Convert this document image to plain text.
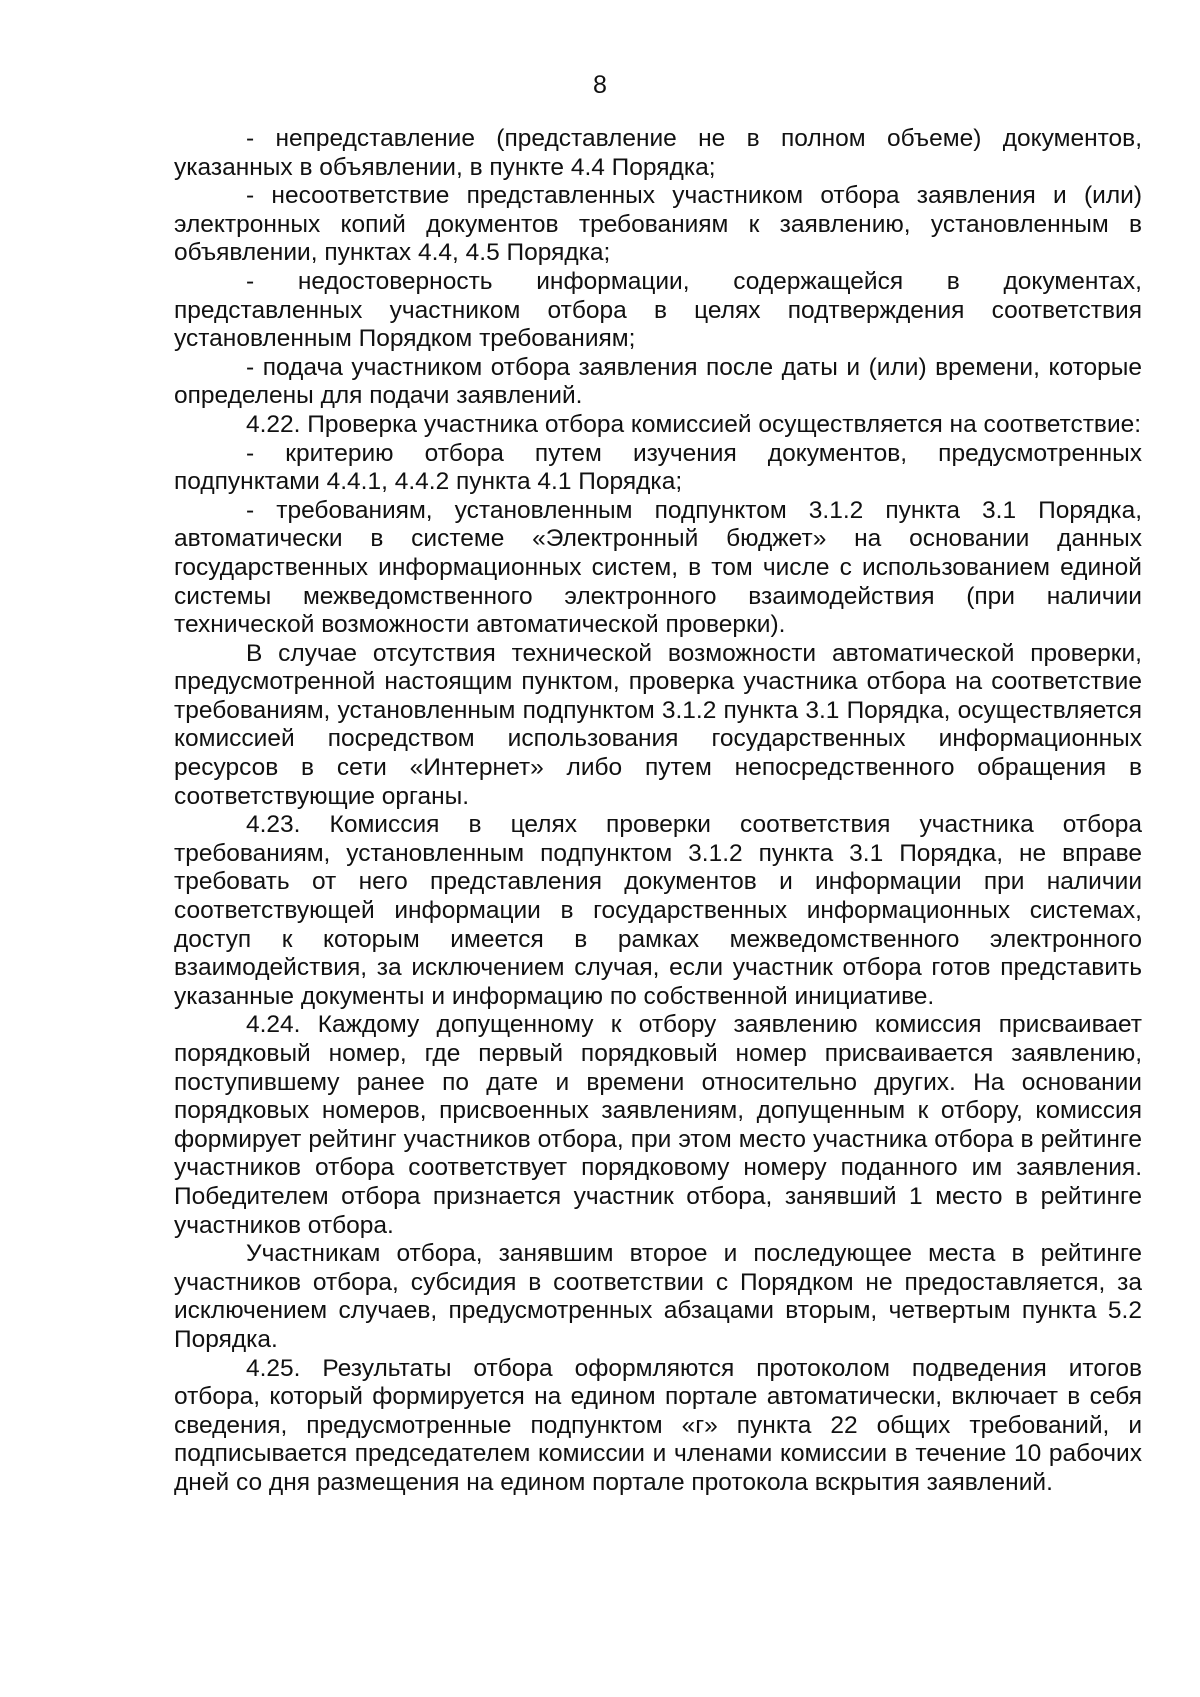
8

- непредставление (представление не в полном объеме) документов, указанных в объявлении, в пункте 4.4 Порядка;

- несоответствие представленных участником отбора заявления и (или) электронных копий документов требованиям к заявлению, установленным в объявлении, пунктах 4.4, 4.5 Порядка;

- недостоверность информации, содержащейся в документах, представленных участником отбора в целях подтверждения соответствия установленным Порядком требованиям;

- подача участником отбора заявления после даты и (или) времени, которые определены для подачи заявлений.

4.22. Проверка участника отбора комиссией осуществляется на соответствие:

- критерию отбора путем изучения документов, предусмотренных подпунктами 4.4.1, 4.4.2 пункта 4.1 Порядка;

- требованиям, установленным подпунктом 3.1.2 пункта 3.1 Порядка, автоматически в системе «Электронный бюджет» на основании данных государственных информационных систем, в том числе с использованием единой системы межведомственного электронного взаимодействия (при наличии технической возможности автоматической проверки).

В случае отсутствия технической возможности автоматической проверки, предусмотренной настоящим пунктом, проверка участника отбора на соответствие требованиям, установленным подпунктом 3.1.2 пункта 3.1 Порядка, осуществляется комиссией посредством использования государственных информационных ресурсов в сети «Интернет» либо путем непосредственного обращения в соответствующие органы.

4.23. Комиссия в целях проверки соответствия участника отбора требованиям, установленным подпунктом 3.1.2 пункта 3.1 Порядка, не вправе требовать от него представления документов и информации при наличии соответствующей информации в государственных информационных системах, доступ к которым имеется в рамках межведомственного электронного взаимодействия, за исключением случая, если участник отбора готов представить указанные документы и информацию по собственной инициативе.

4.24. Каждому допущенному к отбору заявлению комиссия присваивает порядковый номер, где первый порядковый номер присваивается заявлению, поступившему ранее по дате и времени относительно других. На основании порядковых номеров, присвоенных заявлениям, допущенным к отбору, комиссия формирует рейтинг участников отбора, при этом место участника отбора в рейтинге участников отбора соответствует порядковому номеру поданного им заявления. Победителем отбора признается участник отбора, занявший 1 место в рейтинге участников отбора.

Участникам отбора, занявшим второе и последующее места в рейтинге участников отбора, субсидия в соответствии с Порядком не предоставляется, за исключением случаев, предусмотренных абзацами вторым, четвертым пункта 5.2 Порядка.

4.25. Результаты отбора оформляются протоколом подведения итогов отбора, который формируется на едином портале автоматически, включает в себя сведения, предусмотренные подпунктом «г» пункта 22 общих требований, и подписывается председателем комиссии и членами комиссии в течение 10 рабочих дней со дня размещения на едином портале протокола вскрытия заявлений.
